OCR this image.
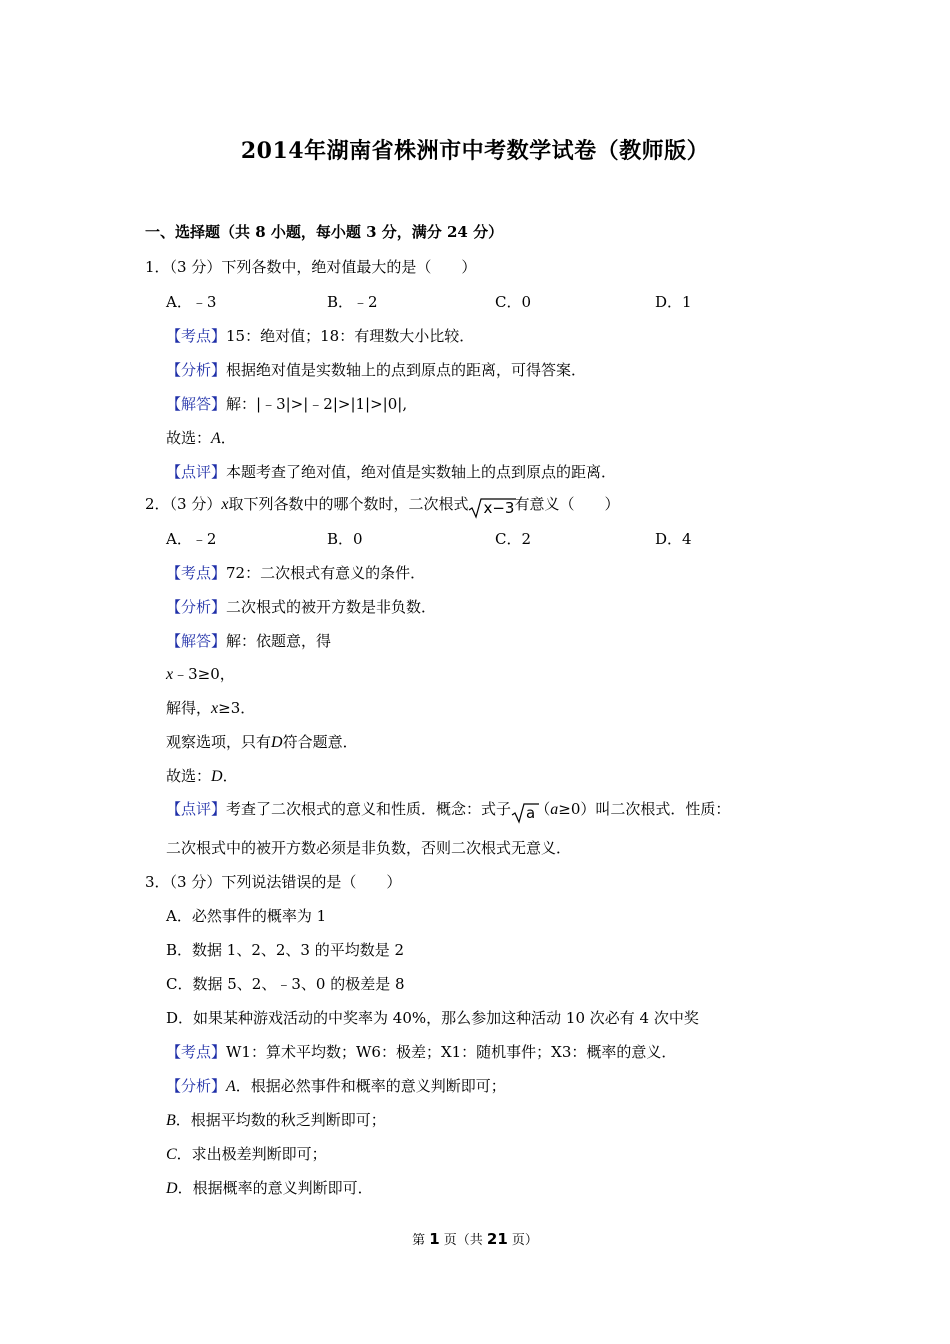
2014年湖南省株洲市中考数学试卷（教师版）
一、选择题（共 8 小题，每小题 3 分，满分 24 分）
1．（3 分）下列各数中，绝对值最大的是（　　）
A．﹣3	B．﹣2	C．0	D．1
【考点】15：绝对值；18：有理数大小比较．
【分析】根据绝对值是实数轴上的点到原点的距离，可得答案．
【解答】解：|﹣3|>|﹣2|>|1|>|0|,
故选：A．
【点评】本题考查了绝对值，绝对值是实数轴上的点到原点的距离．
2．（3 分）x取下列各数中的哪个数时，二次根式 x−3有意义（　　）
A．﹣2	B．0	C．2	D．4
【考点】72：二次根式有意义的条件．
【分析】二次根式的被开方数是非负数．
【解答】解：依题意，得
x﹣3≥0，
解得，x≥3．
观察选项，只有D符合题意．
故选：D．
【点评】考查了二次根式的意义和性质．概念：式子 a（a≥0）叫二次根式．性质：
二次根式中的被开方数必须是非负数，否则二次根式无意义．
3．（3 分）下列说法错误的是（　　）
A．必然事件的概率为 1
B．数据 1、2、2、3 的平均数是 2
C．数据 5、2、﹣3、0 的极差是 8
D．如果某种游戏活动的中奖率为 40%，那么参加这种活动 10 次必有 4 次中奖
【考点】W1：算术平均数；W6：极差；X1：随机事件；X3：概率的意义．
【分析】A．根据必然事件和概率的意义判断即可；
B．根据平均数的秋乏判断即可；
C．求出极差判断即可；
D．根据概率的意义判断即可．
第 1 页（共 21 页）
